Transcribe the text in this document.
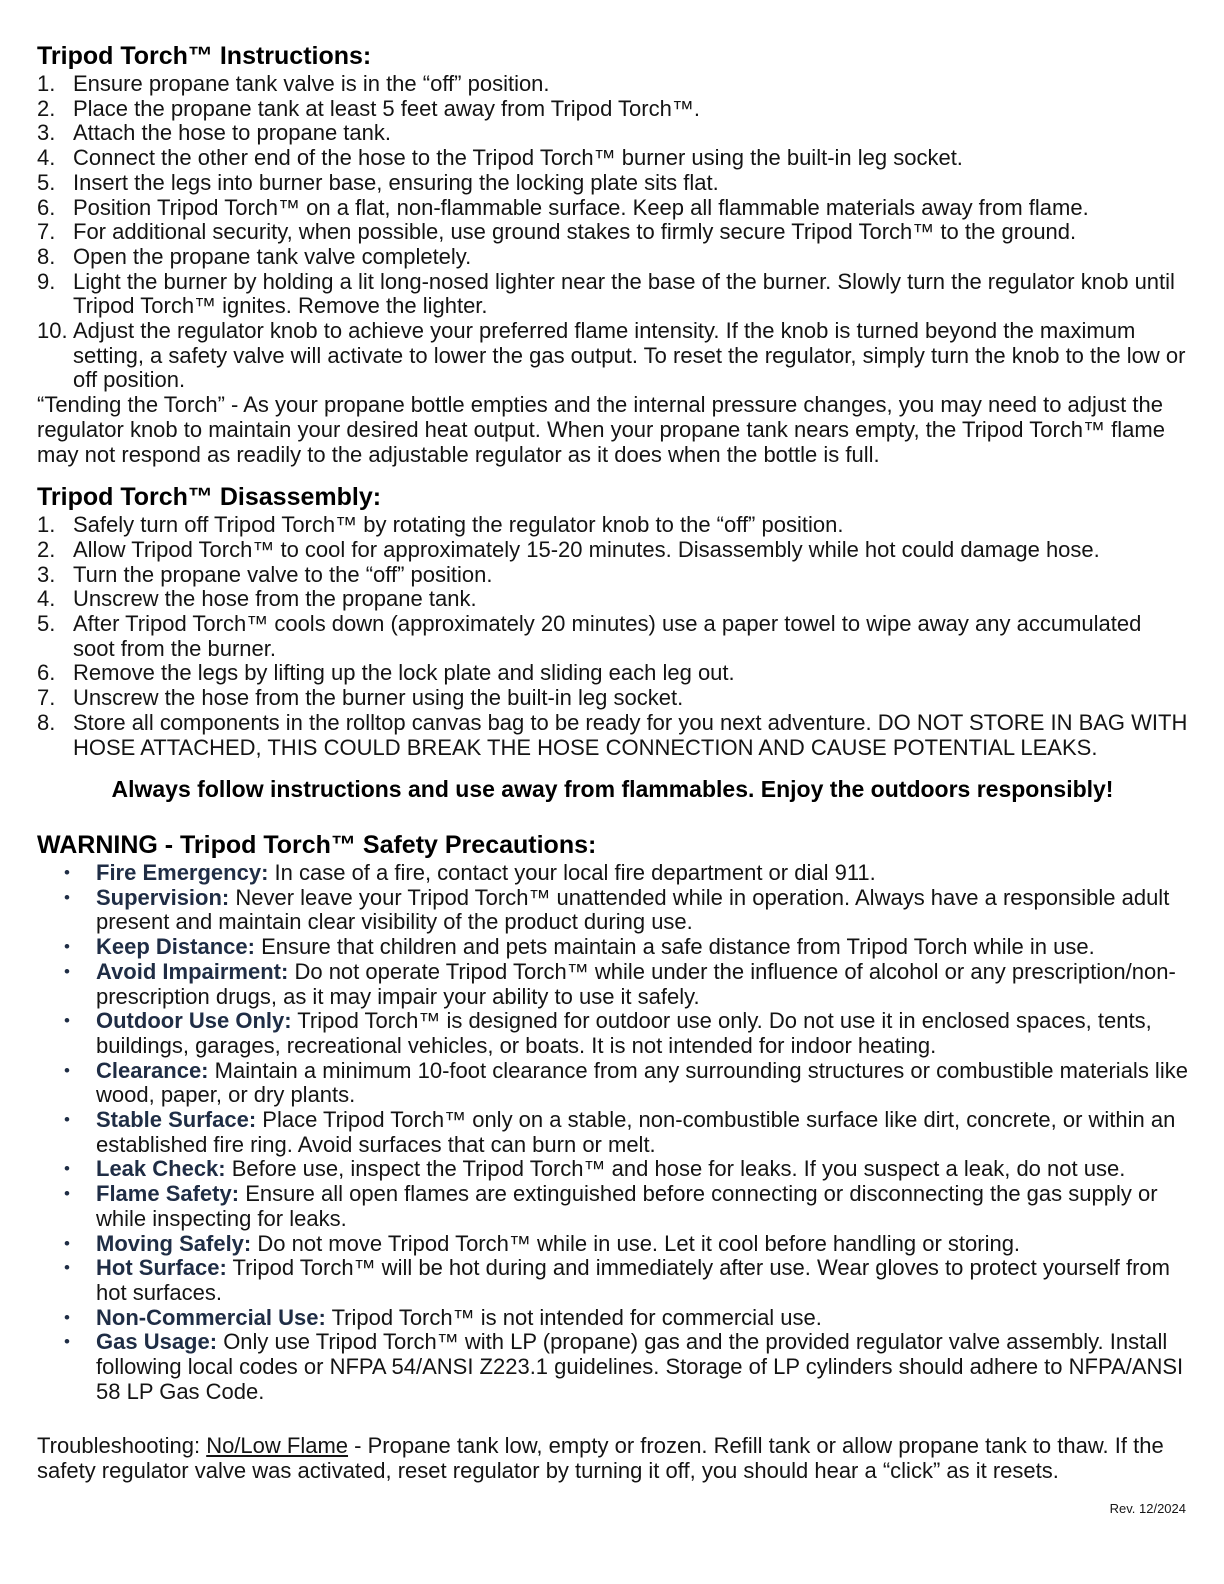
Tripod Torch™ Instructions:
1. Ensure propane tank valve is in the “off” position.
2. Place the propane tank at least 5 feet away from Tripod Torch™.
3. Attach the hose to propane tank.
4. Connect the other end of the hose to the Tripod Torch™ burner using the built-in leg socket.
5. Insert the legs into burner base, ensuring the locking plate sits flat.
6. Position Tripod Torch™ on a flat, non-flammable surface. Keep all flammable materials away from flame.
7. For additional security, when possible, use ground stakes to firmly secure Tripod Torch™ to the ground.
8. Open the propane tank valve completely.
9. Light the burner by holding a lit long-nosed lighter near the base of the burner. Slowly turn the regulator knob until Tripod Torch™ ignites. Remove the lighter.
10. Adjust the regulator knob to achieve your preferred flame intensity. If the knob is turned beyond the maximum setting, a safety valve will activate to lower the gas output. To reset the regulator, simply turn the knob to the low or off position.

“Tending the Torch” - As your propane bottle empties and the internal pressure changes, you may need to adjust the regulator knob to maintain your desired heat output. When your propane tank nears empty, the Tripod Torch™ flame may not respond as readily to the adjustable regulator as it does when the bottle is full.

Tripod Torch™ Disassembly:
1. Safely turn off Tripod Torch™ by rotating the regulator knob to the “off” position.
2. Allow Tripod Torch™ to cool for approximately 15-20 minutes. Disassembly while hot could damage hose.
3. Turn the propane valve to the “off” position.
4. Unscrew the hose from the propane tank.
5. After Tripod Torch™ cools down (approximately 20 minutes) use a paper towel to wipe away any accumulated soot from the burner.
6. Remove the legs by lifting up the lock plate and sliding each leg out.
7. Unscrew the hose from the burner using the built-in leg socket.
8. Store all components in the rolltop canvas bag to be ready for you next adventure. DO NOT STORE IN BAG WITH HOSE ATTACHED, THIS COULD BREAK THE HOSE CONNECTION AND CAUSE POTENTIAL LEAKS.

Always follow instructions and use away from flammables. Enjoy the outdoors responsibly!

WARNING - Tripod Torch™ Safety Precautions:
•	Fire Emergency: In case of a fire, contact your local fire department or dial 911.
•	Supervision: Never leave your Tripod Torch™ unattended while in operation. Always have a responsible adult present and maintain clear visibility of the product during use.
•	Keep Distance: Ensure that children and pets maintain a safe distance from Tripod Torch while in use.
•	Avoid Impairment: Do not operate Tripod Torch™ while under the influence of alcohol or any prescription/non-prescription drugs, as it may impair your ability to use it safely.
•	Outdoor Use Only: Tripod Torch™ is designed for outdoor use only. Do not use it in enclosed spaces, tents, buildings, garages, recreational vehicles, or boats. It is not intended for indoor heating.
•	Clearance: Maintain a minimum 10-foot clearance from any surrounding structures or combustible materials like wood, paper, or dry plants.
•	Stable Surface: Place Tripod Torch™ only on a stable, non-combustible surface like dirt, concrete, or within an established fire ring. Avoid surfaces that can burn or melt.
•	Leak Check: Before use, inspect the Tripod Torch™ and hose for leaks. If you suspect a leak, do not use.
•	Flame Safety: Ensure all open flames are extinguished before connecting or disconnecting the gas supply or while inspecting for leaks.
•	Moving Safely: Do not move Tripod Torch™ while in use. Let it cool before handling or storing.
•	Hot Surface: Tripod Torch™ will be hot during and immediately after use. Wear gloves to protect yourself from hot surfaces.
•	Non-Commercial Use: Tripod Torch™ is not intended for commercial use.
•	Gas Usage: Only use Tripod Torch™ with LP (propane) gas and the provided regulator valve assembly. Install following local codes or NFPA 54/ANSI Z223.1 guidelines. Storage of LP cylinders should adhere to NFPA/ANSI 58 LP Gas Code.

Troubleshooting: No/Low Flame - Propane tank low, empty or frozen. Refill tank or allow propane tank to thaw. If the safety regulator valve was activated, reset regulator by turning it off, you should hear a “click” as it resets.

Rev. 12/2024
